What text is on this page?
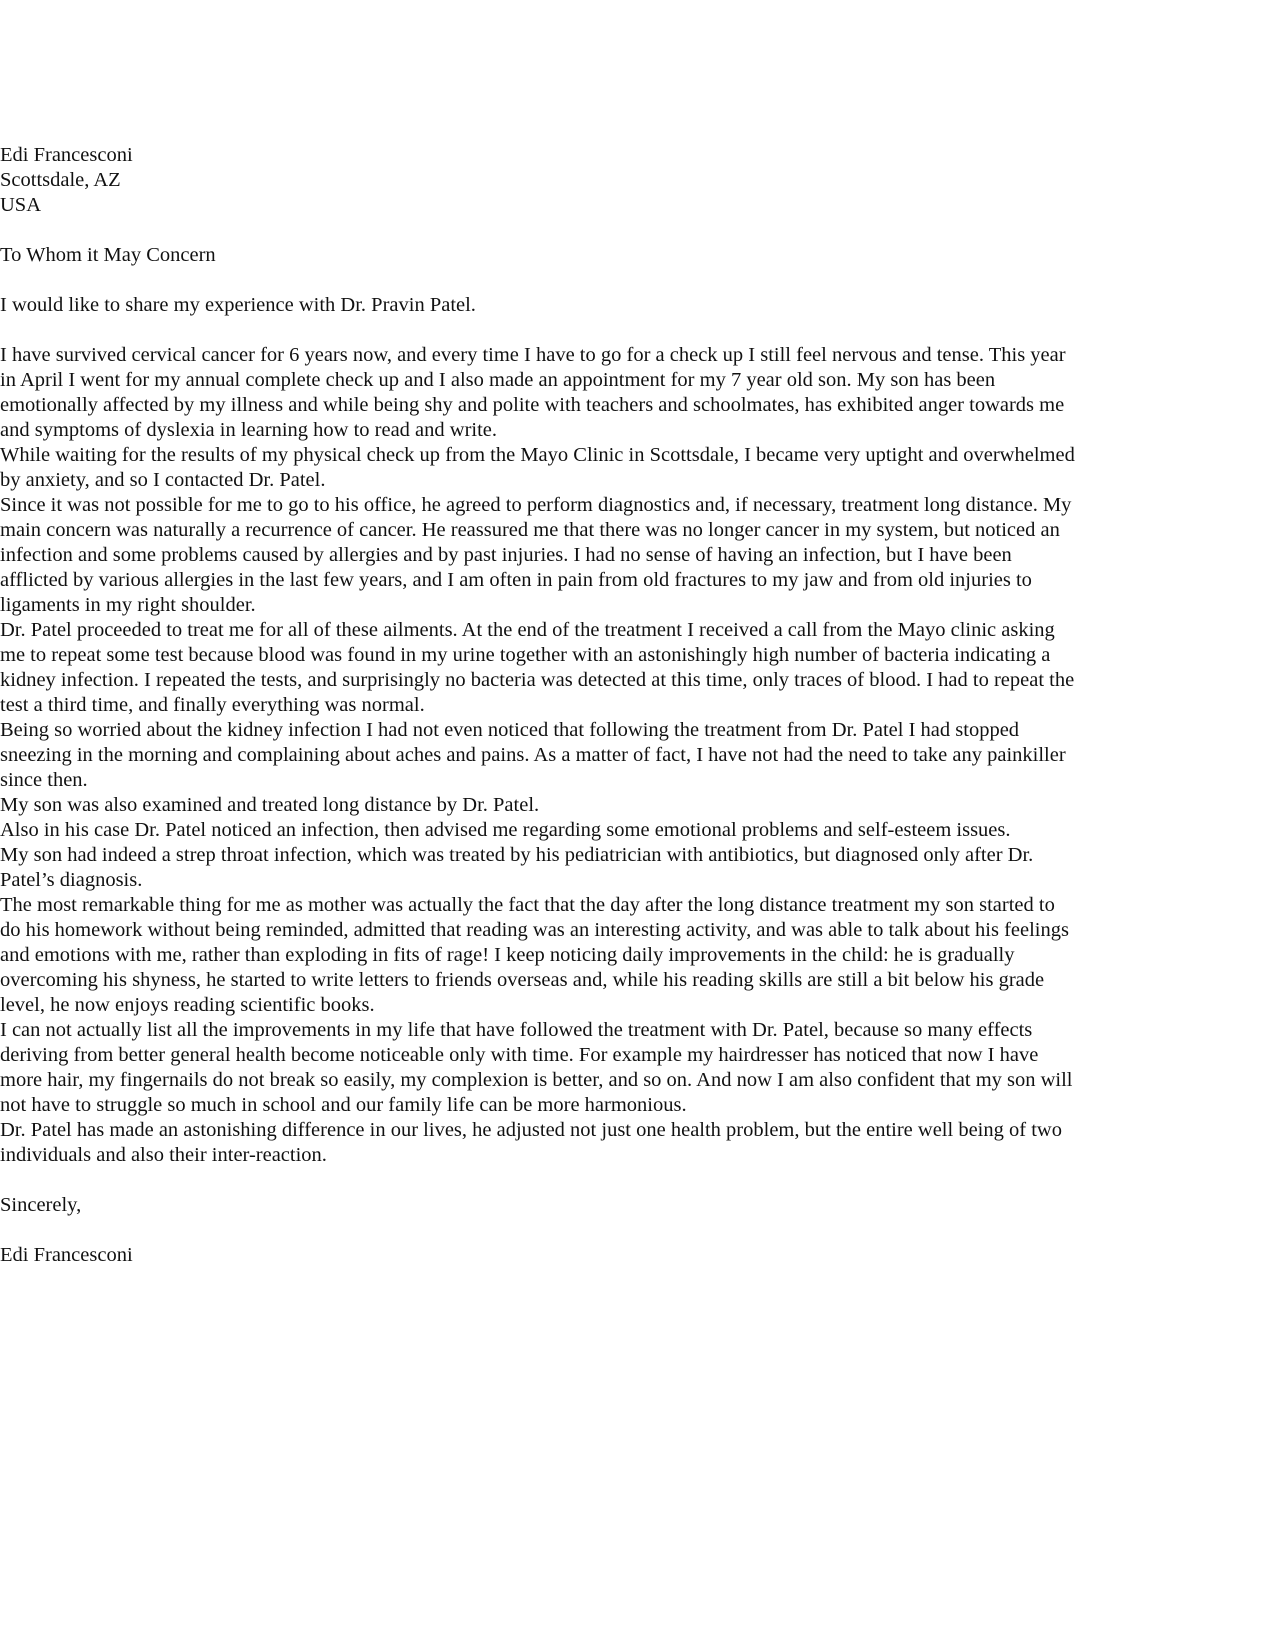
Edi Francesconi
Scottsdale, AZ
USA
To Whom it May Concern
I would like to share my experience with Dr. Pravin Patel.

I have survived cervical cancer for 6 years now, and every time I have to go for a check up I still feel nervous and tense. This year in April I went for my annual complete check up and I also made an appointment for my 7 year old son. My son has been emotionally affected by my illness and while being shy and polite with teachers and schoolmates, has exhibited anger towards me and symptoms of dyslexia in learning how to read and write.

While waiting for the results of my physical check up from the Mayo Clinic in Scottsdale, I became very uptight and overwhelmed by anxiety, and so I contacted Dr. Patel.

Since it was not possible for me to go to his office, he agreed to perform diagnostics and, if necessary, treatment long distance. My main concern was naturally a recurrence of cancer. He reassured me that there was no longer cancer in my system, but noticed an infection and some problems caused by allergies and by past injuries. I had no sense of having an infection, but I have been afflicted by various allergies in the last few years, and I am often in pain from old fractures to my jaw and from old injuries to ligaments in my right shoulder.

Dr. Patel proceeded to treat me for all of these ailments. At the end of the treatment I received a call from the Mayo clinic asking me to repeat some test because blood was found in my urine together with an astonishingly high number of bacteria indicating a kidney infection. I repeated the tests, and surprisingly no bacteria was detected at this time, only traces of blood. I had to repeat the test a third time, and finally everything was normal.

Being so worried about the kidney infection I had not even noticed that following the treatment from Dr. Patel I had stopped sneezing in the morning and complaining about aches and pains. As a matter of fact, I have not had the need to take any painkiller since then.

My son was also examined and treated long distance by Dr. Patel.

Also in his case Dr. Patel noticed an infection, then advised me regarding some emotional problems and self-esteem issues.

My son had indeed a strep throat infection, which was treated by his pediatrician with antibiotics, but diagnosed only after Dr. Patel’s diagnosis.

The most remarkable thing for me as mother was actually the fact that the day after the long distance treatment my son started to do his homework without being reminded, admitted that reading was an interesting activity, and was able to talk about his feelings and emotions with me, rather than exploding in fits of rage! I keep noticing daily improvements in the child: he is gradually overcoming his shyness, he started to write letters to friends overseas and, while his reading skills are still a bit below his grade level, he now enjoys reading scientific books.

I can not actually list all the improvements in my life that have followed the treatment with Dr. Patel, because so many effects deriving from better general health become noticeable only with time. For example my hairdresser has noticed that now I have more hair, my fingernails do not break so easily, my complexion is better, and so on. And now I am also confident that my son will not have to struggle so much in school and our family life can be more harmonious.

Dr. Patel has made an astonishing difference in our lives, he adjusted not just one health problem, but the entire well being of two individuals and also their inter-reaction.

Sincerely,
Edi Francesconi
